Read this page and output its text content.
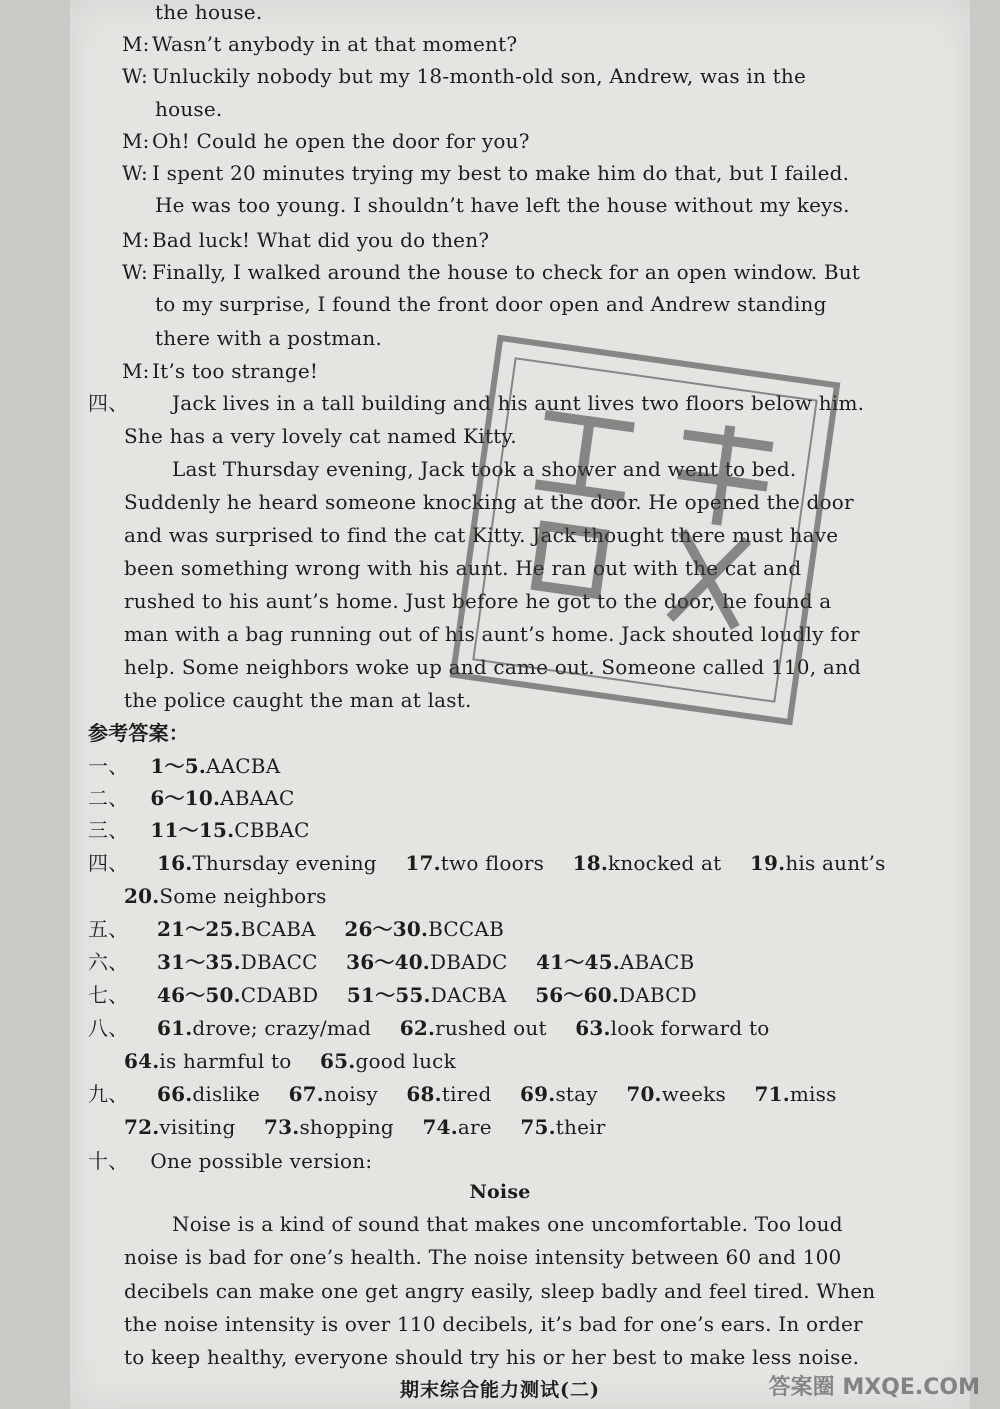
the house.
M: Wasn’t anybody in at that moment?
W: Unluckily nobody but my 18-month-old son, Andrew, was in the
house.
M: Oh! Could he open the door for you?
W: I spent 20 minutes trying my best to make him do that, but I failed.
He was too young. I shouldn’t have left the house without my keys.
M: Bad luck! What did you do then?
W: Finally, I walked around the house to check for an open window. But
to my surprise, I found the front door open and Andrew standing
there with a postman.
M: It’s too strange!
四、 Jack lives in a tall building and his aunt lives two floors below him.
She has a very lovely cat named Kitty.
Last Thursday evening, Jack took a shower and went to bed.
Suddenly he heard someone knocking at the door. He opened the door
and was surprised to find the cat Kitty. Jack thought there must have
been something wrong with his aunt. He ran out with the cat and
rushed to his aunt’s home. Just before he got to the door, he found a
man with a bag running out of his aunt’s home. Jack shouted loudly for
help. Some neighbors woke up and came out. Someone called 110, and
the police caught the man at last.
参考答案：
一、 1～5.AACBA
二、 6～10.ABAAC
三、 11～15.CBBAC
四、 16.Thursday evening 17.two floors 18.knocked at 19.his aunt’s
20.Some neighbors
五、 21～25.BCABA 26～30.BCCAB
六、 31～35.DBACC 36～40.DBADC 41～45.ABACB
七、 46～50.CDABD 51～55.DACBA 56～60.DABCD
八、 61.drove; crazy/mad 62.rushed out 63.look forward to
64.is harmful to 65.good luck
九、 66.dislike 67.noisy 68.tired 69.stay 70.weeks 71.miss
72.visiting 73.shopping 74.are 75.their
十、 One possible version:
Noise
Noise is a kind of sound that makes one uncomfortable. Too loud
noise is bad for one’s health. The noise intensity between 60 and 100
decibels can make one get angry easily, sleep badly and feel tired. When
the noise intensity is over 110 decibels, it’s bad for one’s ears. In order
to keep healthy, everyone should try his or her best to make less noise.
期末综合能力测试(二)	答案圈 MXQE.COM
